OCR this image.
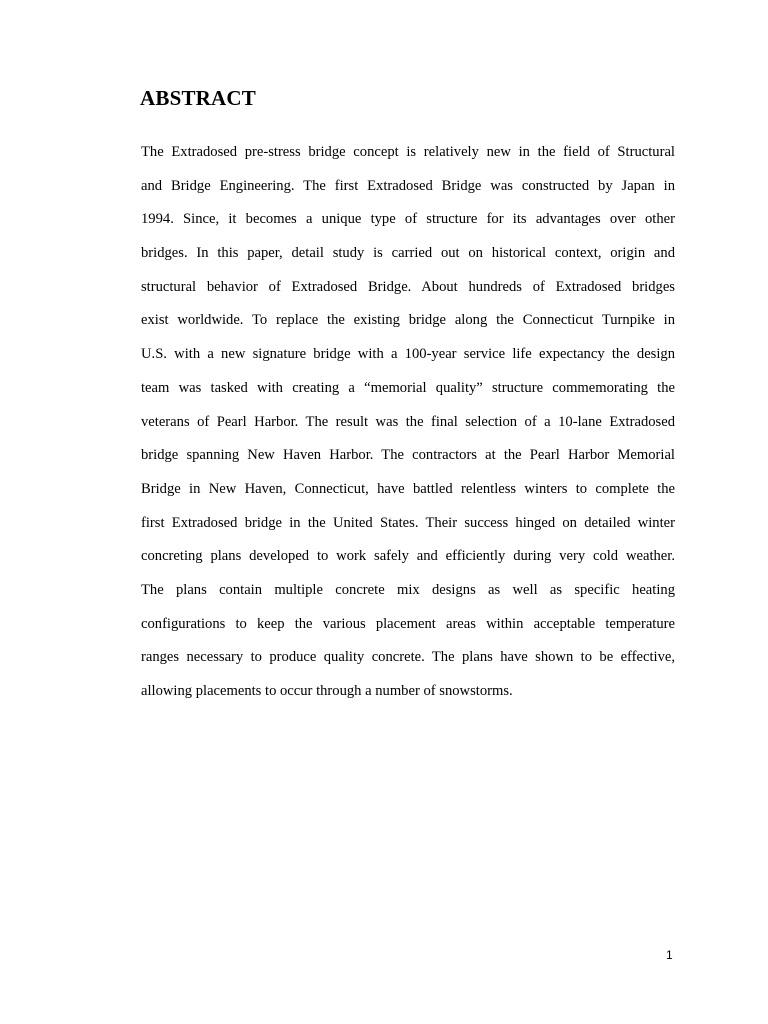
ABSTRACT
The Extradosed pre-stress bridge concept is relatively new in the field of Structural
and Bridge Engineering. The first Extradosed Bridge was constructed by Japan in
1994. Since, it becomes a unique type of structure for its advantages over other
bridges. In this paper, detail study is carried out on historical context, origin and
structural behavior of Extradosed Bridge. About hundreds of Extradosed bridges
exist worldwide. To replace the existing bridge along the Connecticut Turnpike in
U.S. with a new signature bridge with a 100-year service life expectancy the design
team was tasked with creating a “memorial quality” structure commemorating the
veterans of Pearl Harbor. The result was the final selection of a 10-lane Extradosed
bridge spanning New Haven Harbor. The contractors at the Pearl Harbor Memorial
Bridge in New Haven, Connecticut, have battled relentless winters to complete the
first Extradosed bridge in the United States. Their success hinged on detailed winter
concreting plans developed to work safely and efficiently during very cold weather.
The plans contain multiple concrete mix designs as well as specific heating
configurations to keep the various placement areas within acceptable temperature
ranges necessary to produce quality concrete. The plans have shown to be effective,
allowing placements to occur through a number of snowstorms.
1
